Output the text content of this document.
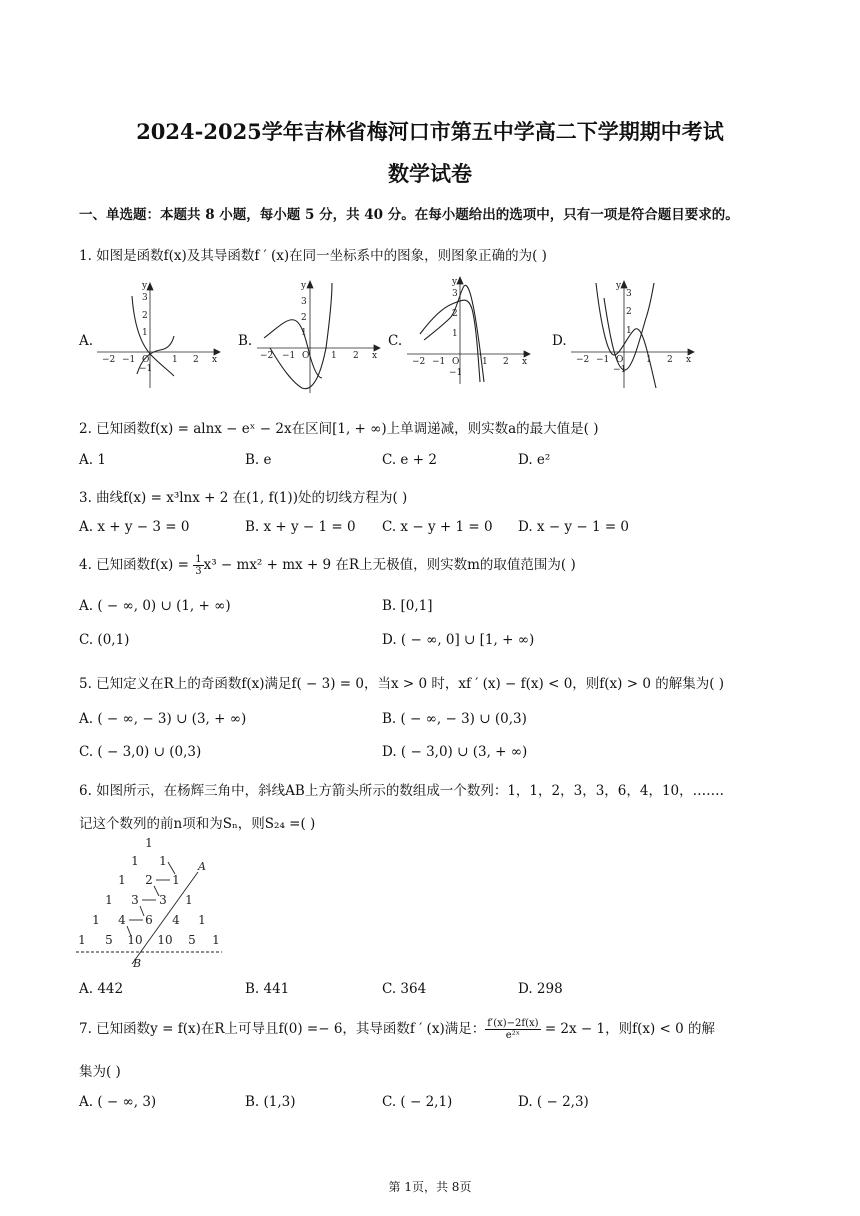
2024-2025学年吉林省梅河口市第五中学高二下学期期中考试
数学试卷
一、单选题：本题共 8 小题，每小题 5 分，共 40 分。在每小题给出的选项中，只有一项是符合题目要求的。
1. 如图是函数f(x)及其导函数f ′ (x)在同一坐标系中的图象，则图象正确的为( )
A.	B.	C.	D.
y
x
O
3
2
1
−1
−2 −1	1 2
y
x
O
3
2
1
−2 −1	1 2
y
x
O
3
2
1
−1
−2 −1	1 2
y
x
O
3
2
1
−1
−2 −1	1 2
2. 已知函数f(x) = alnx − eˣ − 2x在区间[1, + ∞)上单调递减，则实数a的最大值是( )
A. 1	B. e	C. e + 2	D. e²
3. 曲线f(x) = x³lnx + 2 在(1, f(1))处的切线方程为( )
A. x + y − 3 = 0	B. x + y − 1 = 0 C. x − y + 1 = 0 D. x − y − 1 = 0
4. 已知函数$f(x) = \frac{1}{3} x^3 - mx^2$ + mx + 9 在R上无极值，则实数m的取值范围为( )
A. ( − ∞, 0) ∪ (1, + ∞)	B. [0,1]
C. (0,1)	D. ( − ∞, 0] ∪ [1, + ∞)
5. 已知定义在R上的奇函数f(x)满足f( − 3) = 0，当x > 0 时，xf ′ (x) − f(x) < 0，则f(x) > 0 的解集为( )
A. ( − ∞, − 3) ∪ (3, + ∞)	B. ( − ∞, − 3) ∪ (0,3)
C. ( − 3,0) ∪ (0,3)	D. ( − 3,0) ∪ (3, + ∞)
6. 如图所示，在杨辉三角中，斜线AB上方箭头所示的数组成一个数列：1，1，2，3，3，6，4，10，…….
记这个数列的前n项和为Sₙ，则S₂₄ =( )
1
1 1
1 2 1
1 3 3 1
1 4 6 4 1
1 5 10 10 5 1
A
B
A. 442	B. 441	C. 364	D. 298
7. 已知函数y = f(x)在R上可导且f(0) =− 6，其导函数f ′ (x)满足： $\frac{f'(x)-2f(x)}{\text{e²ˣ}} = 2x - 1$，则f(x) < 0 的解
集为( )
A. ( − ∞, 3)	B. (1,3)	C. ( − 2,1)	D. ( − 2,3)
第 1页，共 8页
